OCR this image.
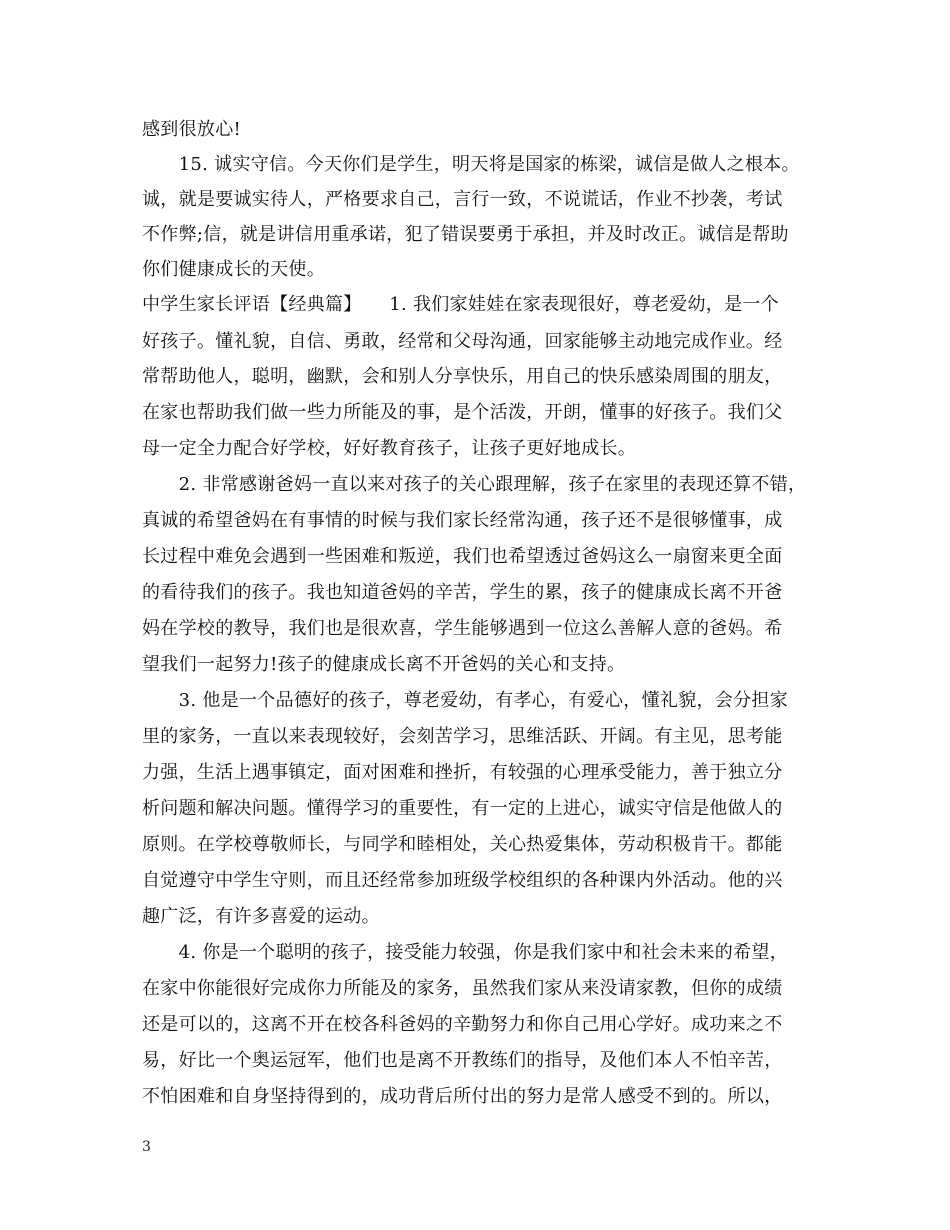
感到很放心!
　　15. 诚实守信。今天你们是学生，明天将是国家的栋梁，诚信是做人之根本。
诚，就是要诚实待人，严格要求自己，言行一致，不说谎话，作业不抄袭，考试
不作弊;信，就是讲信用重承诺，犯了错误要勇于承担，并及时改正。诚信是帮助
你们健康成长的天使。
中学生家长评语【经典篇】　　1. 我们家娃娃在家表现很好，尊老爱幼，是一个
好孩子。懂礼貌，自信、勇敢，经常和父母沟通，回家能够主动地完成作业。经
常帮助他人，聪明，幽默，会和别人分享快乐，用自己的快乐感染周围的朋友，
在家也帮助我们做一些力所能及的事，是个活泼，开朗，懂事的好孩子。我们父
母一定全力配合好学校，好好教育孩子，让孩子更好地成长。
　　2. 非常感谢爸妈一直以来对孩子的关心跟理解，孩子在家里的表现还算不错，
真诚的希望爸妈在有事情的时候与我们家长经常沟通，孩子还不是很够懂事，成
长过程中难免会遇到一些困难和叛逆，我们也希望透过爸妈这么一扇窗来更全面
的看待我们的孩子。我也知道爸妈的辛苦，学生的累，孩子的健康成长离不开爸
妈在学校的教导，我们也是很欢喜，学生能够遇到一位这么善解人意的爸妈。希
望我们一起努力!孩子的健康成长离不开爸妈的关心和支持。
　　3. 他是一个品德好的孩子，尊老爱幼，有孝心，有爱心，懂礼貌，会分担家
里的家务，一直以来表现较好，会刻苦学习，思维活跃、开阔。有主见，思考能
力强，生活上遇事镇定，面对困难和挫折，有较强的心理承受能力，善于独立分
析问题和解决问题。懂得学习的重要性，有一定的上进心，诚实守信是他做人的
原则。在学校尊敬师长，与同学和睦相处，关心热爱集体，劳动积极肯干。都能
自觉遵守中学生守则，而且还经常参加班级学校组织的各种课内外活动。他的兴
趣广泛，有许多喜爱的运动。
　　4. 你是一个聪明的孩子，接受能力较强，你是我们家中和社会未来的希望，
在家中你能很好完成你力所能及的家务，虽然我们家从来没请家教，但你的成绩
还是可以的，这离不开在校各科爸妈的辛勤努力和你自己用心学好。成功来之不
易，好比一个奥运冠军，他们也是离不开教练们的指导，及他们本人不怕辛苦，
不怕困难和自身坚持得到的，成功背后所付出的努力是常人感受不到的。所以，
3
